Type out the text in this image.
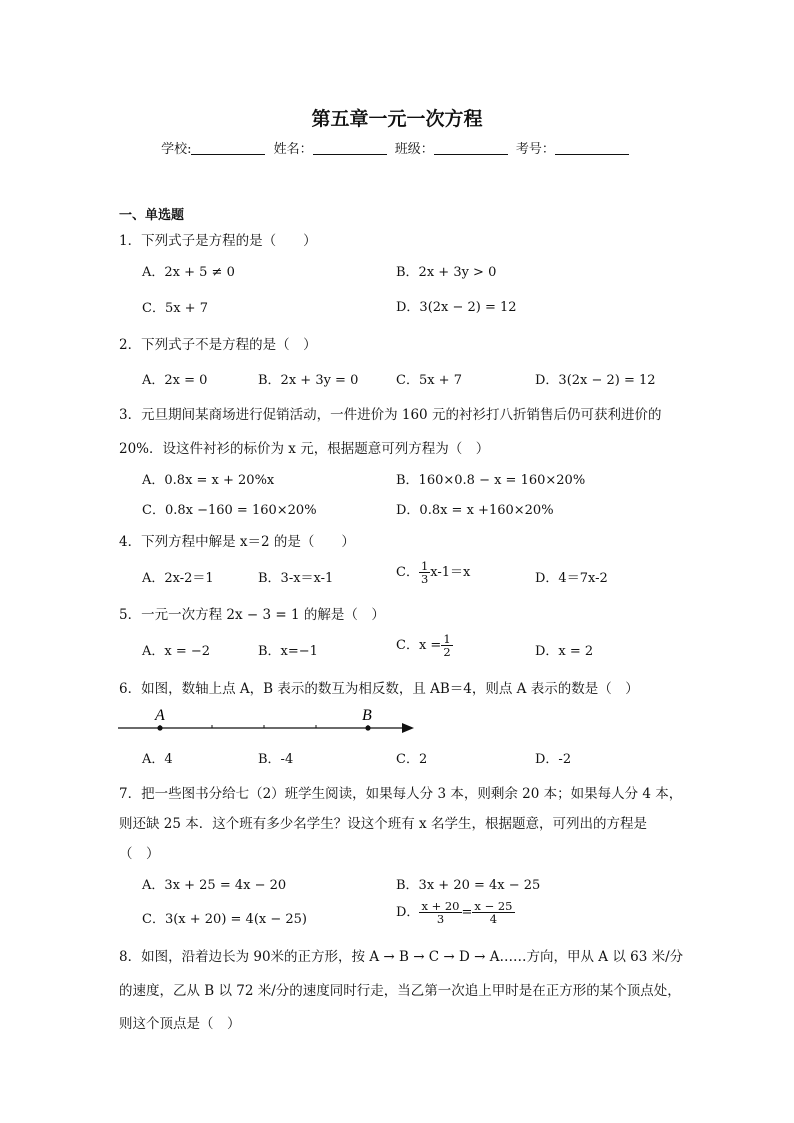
第五章一元一次方程
学校:	姓名：	班级：	考号：
一、单选题
1．下列式子是方程的是（　　）
A．2x + 5 ≠ 0	B．2x + 3y > 0
C．5x + 7	D．3(2x − 2) = 12
2．下列式子不是方程的是（　）
A．2x = 0	B．2x + 3y = 0	C．5x + 7	D．3(2x − 2) = 12
3．元旦期间某商场进行促销活动，一件进价为 160 元的衬衫打八折销售后仍可获利进价的
20%．设这件衬衫的标价为 x 元，根据题意可列方程为（　）
A．0.8x = x + 20%x	B．160×0.8 − x = 160×20%
C．0.8x −160 = 160×20%	D．0.8x = x +160×20%
4．下列方程中解是 x＝2 的是（　　）
A．2x-2＝1	B．3-x＝x-1	C． $\frac{1}{3} x-1=x$	D．4＝7x-2
5．一元一次方程 2x − 3 = 1 的解是（　）
A．x = −2	B．x=−1	C．$x = \frac{1}{2}$	D．x = 2
6．如图，数轴上点 A，B 表示的数互为相反数，且 AB＝4，则点 A 表示的数是（　）
A	B
A．4	B．-4	C．2	D．-2
7．把一些图书分给七（2）班学生阅读，如果每人分 3 本，则剩余 20 本；如果每人分 4 本，
则还缺 25 本．这个班有多少名学生？设这个班有 x 名学生，根据题意，可列出的方程是
（　）
A．3x + 25 = 4x − 20	B．3x + 20 = 4x − 25
C．3(x + 20) = 4(x − 25)	D． $\frac{x + 20}{3} = \frac{x - 25}{4}$
8．如图，沿着边长为 90米的正方形，按 A → B → C → D → A……方向，甲从 A 以 63 米/分
的速度，乙从 B 以 72 米/分的速度同时行走，当乙第一次追上甲时是在正方形的某个顶点处，
则这个顶点是（　）
